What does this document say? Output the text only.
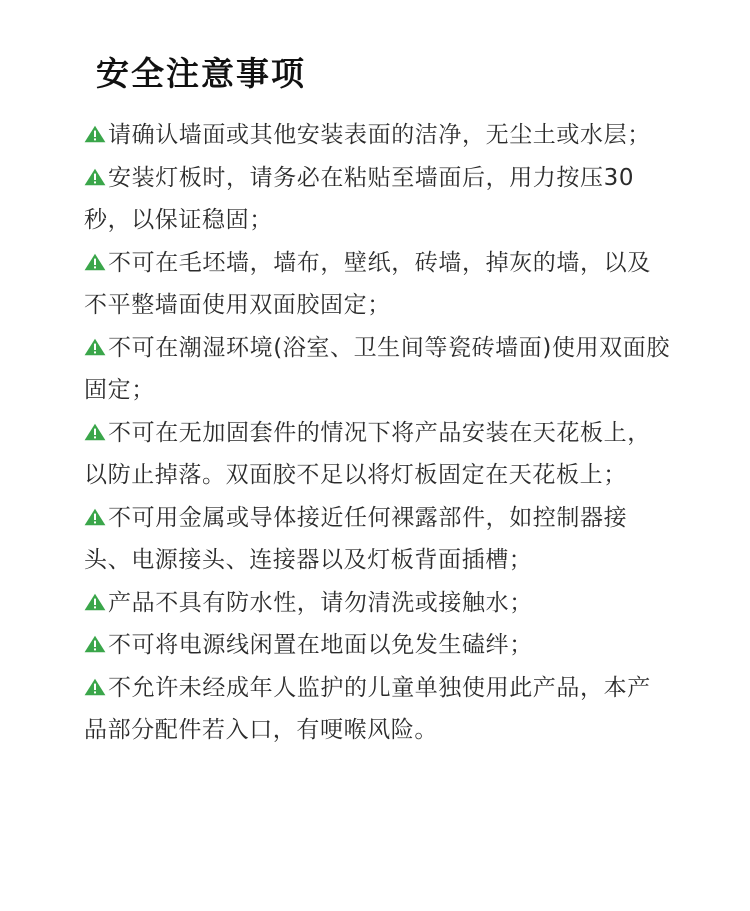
安全注意事项
请确认墙面或其他安装表面的洁净，无尘土或水层；
安装灯板时，请务必在粘贴至墙面后，用力按压30秒，以保证稳固；
不可在毛坯墙，墙布，壁纸，砖墙，掉灰的墙，以及不平整墙面使用双面胶固定；
不可在潮湿环境(浴室、卫生间等瓷砖墙面)使用双面胶固定；
不可在无加固套件的情况下将产品安装在天花板上，以防止掉落。双面胶不足以将灯板固定在天花板上；
不可用金属或导体接近任何裸露部件，如控制器接头、电源接头、连接器以及灯板背面插槽；
产品不具有防水性，请勿清洗或接触水；
不可将电源线闲置在地面以免发生磕绊；
不允许未经成年人监护的儿童单独使用此产品，本产品部分配件若入口，有哽喉风险。
